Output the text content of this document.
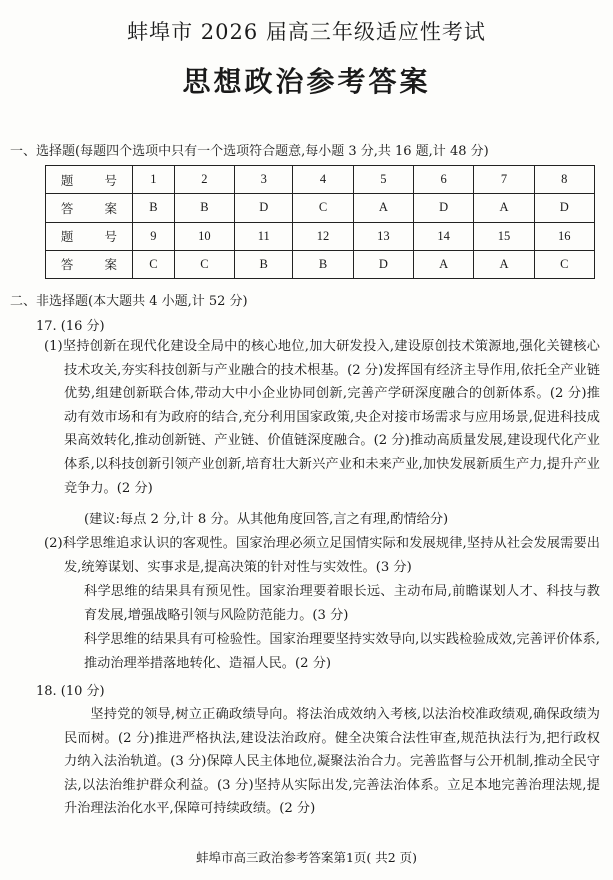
蚌埠市 2026 届高三年级适应性考试
思想政治参考答案
一、选择题(每题四个选项中只有一个选项符合题意,每小题 3 分,共 16 题,计 48 分)
题 号	1	2	3	4	5	6	7	8
答 案	B	B	D	C	A	D	A	D
题 号	9	10	11	12	13	14	15	16
答 案	C	C	B	B	D	A	A	C
二、非选择题(本大题共 4 小题,计 52 分)
17. (16 分)
(1)坚持创新在现代化建设全局中的核心地位,加大研发投入,建设原创技术策源地,强化关键核心技术攻关,夯实科技创新与产业融合的技术根基。(2 分)发挥国有经济主导作用,依托全产业链优势,组建创新联合体,带动大中小企业协同创新,完善产学研深度融合的创新体系。(2 分)推动有效市场和有为政府的结合,充分利用国家政策,央企对接市场需求与应用场景,促进科技成果高效转化,推动创新链、产业链、价值链深度融合。(2 分)推动高质量发展,建设现代化产业体系,以科技创新引领产业创新,培育壮大新兴产业和未来产业,加快发展新质生产力,提升产业竞争力。(2 分)
(建议:每点 2 分,计 8 分。从其他角度回答,言之有理,酌情给分)
(2)科学思维追求认识的客观性。国家治理必须立足国情实际和发展规律,坚持从社会发展需要出发,统筹谋划、实事求是,提高决策的针对性与实效性。(3 分)
科学思维的结果具有预见性。国家治理要着眼长远、主动布局,前瞻谋划人才、科技与教育发展,增强战略引领与风险防范能力。(3 分)
科学思维的结果具有可检验性。国家治理要坚持实效导向,以实践检验成效,完善评价体系,推动治理举措落地转化、造福人民。(2 分)
18. (10 分)
坚持党的领导,树立正确政绩导向。将法治成效纳入考核,以法治校准政绩观,确保政绩为民而树。(2 分)推进严格执法,建设法治政府。健全决策合法性审查,规范执法行为,把行政权力纳入法治轨道。(3 分)保障人民主体地位,凝聚法治合力。完善监督与公开机制,推动全民守法,以法治维护群众利益。(3 分)坚持从实际出发,完善法治体系。立足本地完善治理法规,提升治理法治化水平,保障可持续政绩。(2 分)
蚌埠市高三政治参考答案第1页( 共2 页)
